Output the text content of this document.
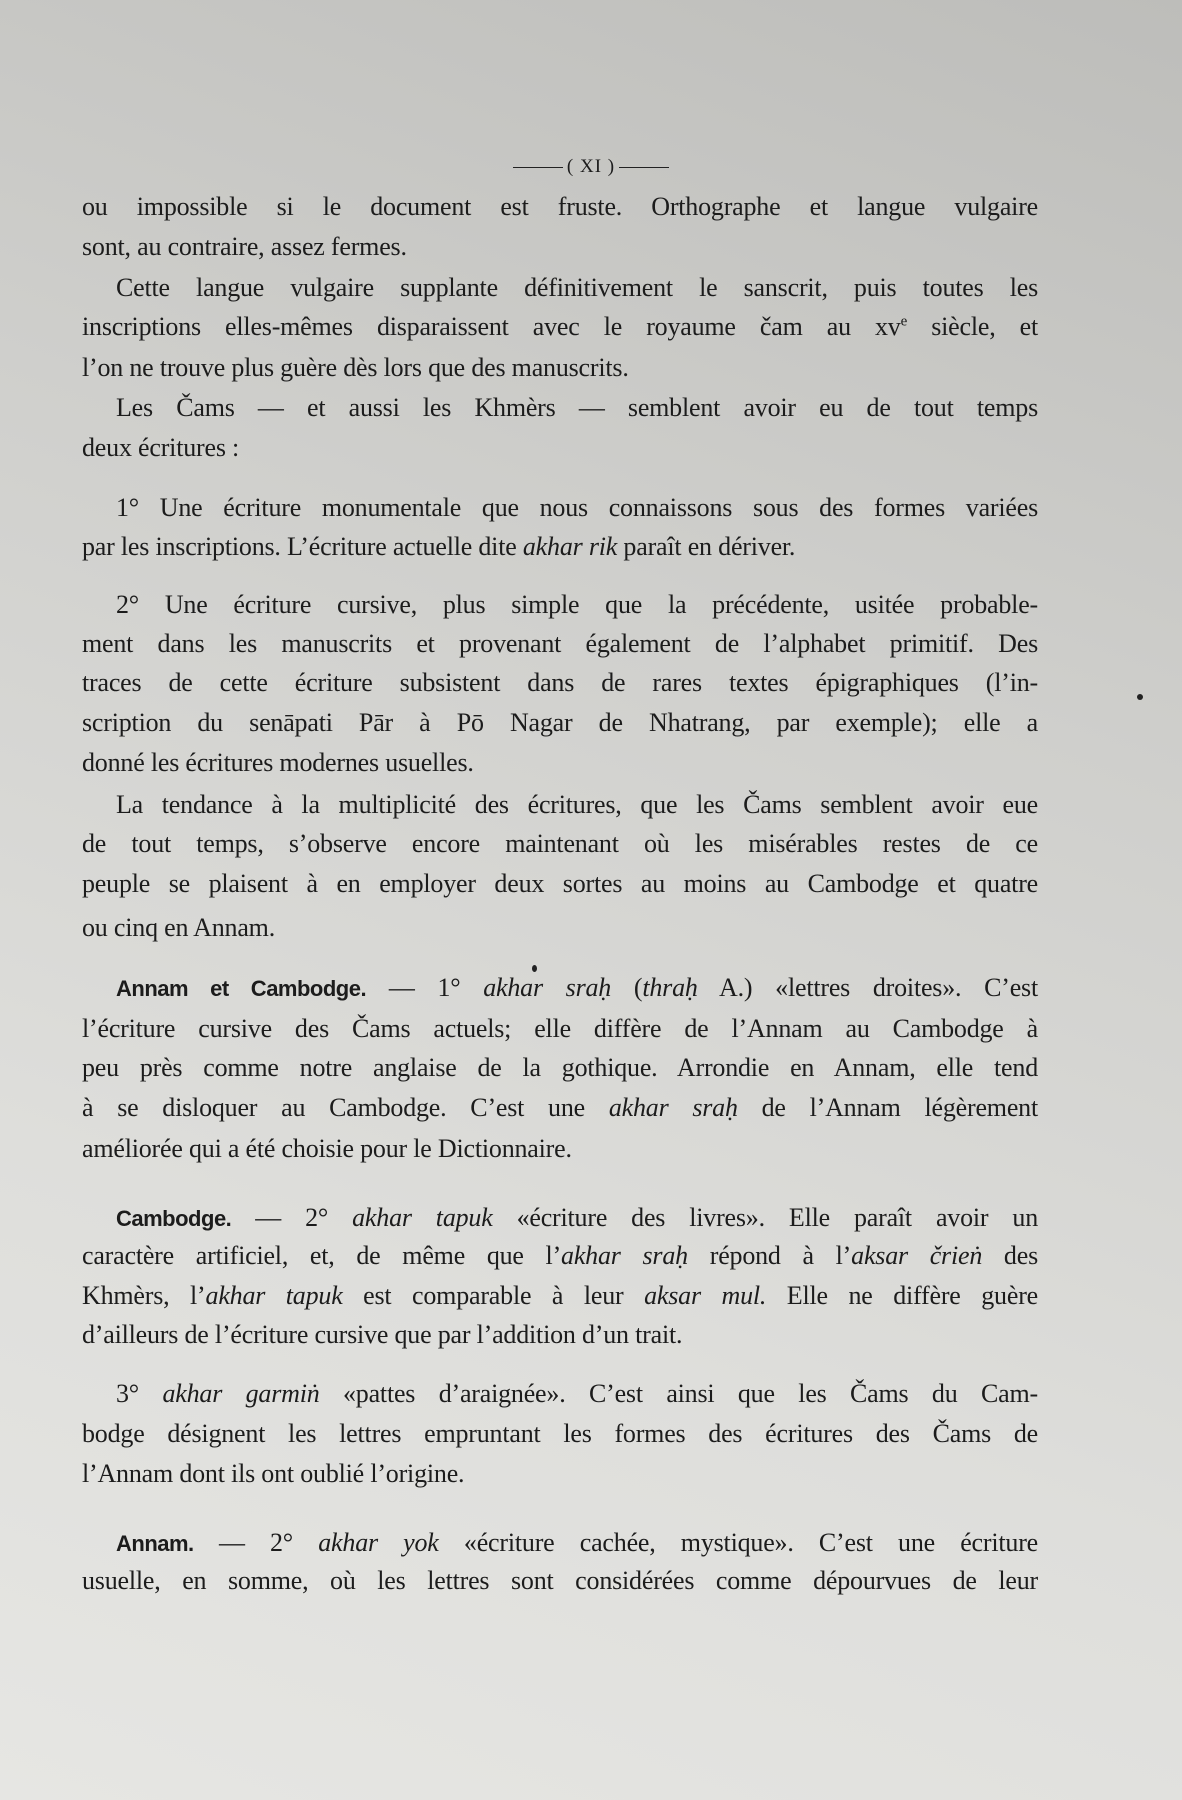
( XI )
ou impossible si le document est fruste. Orthographe et langue vulgaire
sont, au contraire, assez fermes.
Cette langue vulgaire supplante définitivement le sanscrit, puis toutes les
inscriptions elles-mêmes disparaissent avec le royaume čam au $xv^e$ siècle, et
l’on ne trouve plus guère dès lors que des manuscrits.
Les Čams — et aussi les Khmèrs — semblent avoir eu de tout temps
deux écritures :
1° Une écriture monumentale que nous connaissons sous des formes variées
par les inscriptions. L’écriture actuelle dite akhar rik paraît en dériver.
2° Une écriture cursive, plus simple que la précédente, usitée probable-
ment dans les manuscrits et provenant également de l’alphabet primitif. Des
traces de cette écriture subsistent dans de rares textes épigraphiques (l’in-
scription du senāpati Pār à Pō Nagar de Nhatrang, par exemple); elle a
donné les écritures modernes usuelles.
La tendance à la multiplicité des écritures, que les Čams semblent avoir eue
de tout temps, s’observe encore maintenant où les misérables restes de ce
peuple se plaisent à en employer deux sortes au moins au Cambodge et quatre
ou cinq en Annam.
Annam et Cambodge. — 1° akhar sraḥ (thraḥ A.) «lettres droites». C’est
l’écriture cursive des Čams actuels; elle diffère de l’Annam au Cambodge à
peu près comme notre anglaise de la gothique. Arrondie en Annam, elle tend
à se disloquer au Cambodge. C’est une akhar sraḥ de l’Annam légèrement
améliorée qui a été choisie pour le Dictionnaire.
Cambodge. — 2° akhar tapuk «écriture des livres». Elle paraît avoir un
caractère artificiel, et, de même que l’akhar sraḥ répond à l’aksar črieṅ des
Khmèrs, l’akhar tapuk est comparable à leur aksar mul. Elle ne diffère guère
d’ailleurs de l’écriture cursive que par l’addition d’un trait.
3° akhar garmiṅ «pattes d’araignée». C’est ainsi que les Čams du Cam-
bodge désignent les lettres empruntant les formes des écritures des Čams de
l’Annam dont ils ont oublié l’origine.
Annam. — 2° akhar yok «écriture cachée, mystique». C’est une écriture
usuelle, en somme, où les lettres sont considérées comme dépourvues de leur
